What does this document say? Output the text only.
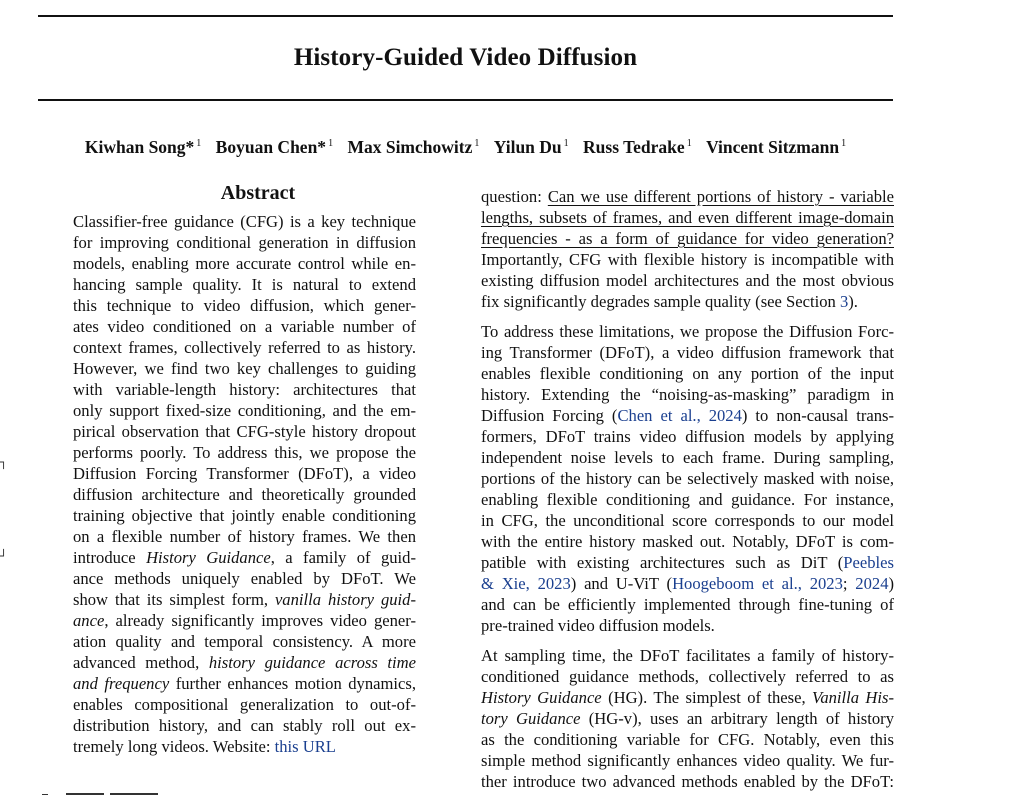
History-Guided Video Diffusion
Kiwhan Song* $^1$ Boyuan Chen* $^1$ Max Simchowitz $^1$ Yilun Du $^1$ Russ Tedrake $^1$ Vincent Sitzmann $^1$
┐
┘
Abstract
Classifier-free guidance (CFG) is a key technique
for improving conditional generation in diffusion
models, enabling more accurate control while en-
hancing sample quality. It is natural to extend
this technique to video diffusion, which gener-
ates video conditioned on a variable number of
context frames, collectively referred to as history.
However, we find two key challenges to guiding
with variable-length history: architectures that
only support fixed-size conditioning, and the em-
pirical observation that CFG-style history dropout
performs poorly. To address this, we propose the
Diffusion Forcing Transformer (DFoT), a video
diffusion architecture and theoretically grounded
training objective that jointly enable conditioning
on a flexible number of history frames. We then
introduce History Guidance, a family of guid-
ance methods uniquely enabled by DFoT. We
show that its simplest form, vanilla history guid-
ance, already significantly improves video gener-
ation quality and temporal consistency. A more
advanced method, history guidance across time
and frequency further enhances motion dynamics,
enables compositional generalization to out-of-
distribution history, and can stably roll out ex-
tremely long videos. Website: this URL
question: Can we use different portions of history - variable
lengths, subsets of frames, and even different image-domain
frequencies - as a form of guidance for video generation?
Importantly, CFG with flexible history is incompatible with
existing diffusion model architectures and the most obvious
fix significantly degrades sample quality (see Section 3).
To address these limitations, we propose the Diffusion Forc-
ing Transformer (DFoT), a video diffusion framework that
enables flexible conditioning on any portion of the input
history. Extending the “noising-as-masking” paradigm in
Diffusion Forcing (Chen et al., 2024) to non-causal trans-
formers, DFoT trains video diffusion models by applying
independent noise levels to each frame. During sampling,
portions of the history can be selectively masked with noise,
enabling flexible conditioning and guidance. For instance,
in CFG, the unconditional score corresponds to our model
with the entire history masked out. Notably, DFoT is com-
patible with existing architectures such as DiT (Peebles
& Xie, 2023) and U-ViT (Hoogeboom et al., 2023; 2024)
and can be efficiently implemented through fine-tuning of
pre-trained video diffusion models.
At sampling time, the DFoT facilitates a family of history-
conditioned guidance methods, collectively referred to as
History Guidance (HG). The simplest of these, Vanilla His-
tory Guidance (HG-v), uses an arbitrary length of history
as the conditioning variable for CFG. Notably, even this
simple method significantly enhances video quality. We fur-
ther introduce two advanced methods enabled by the DFoT:
